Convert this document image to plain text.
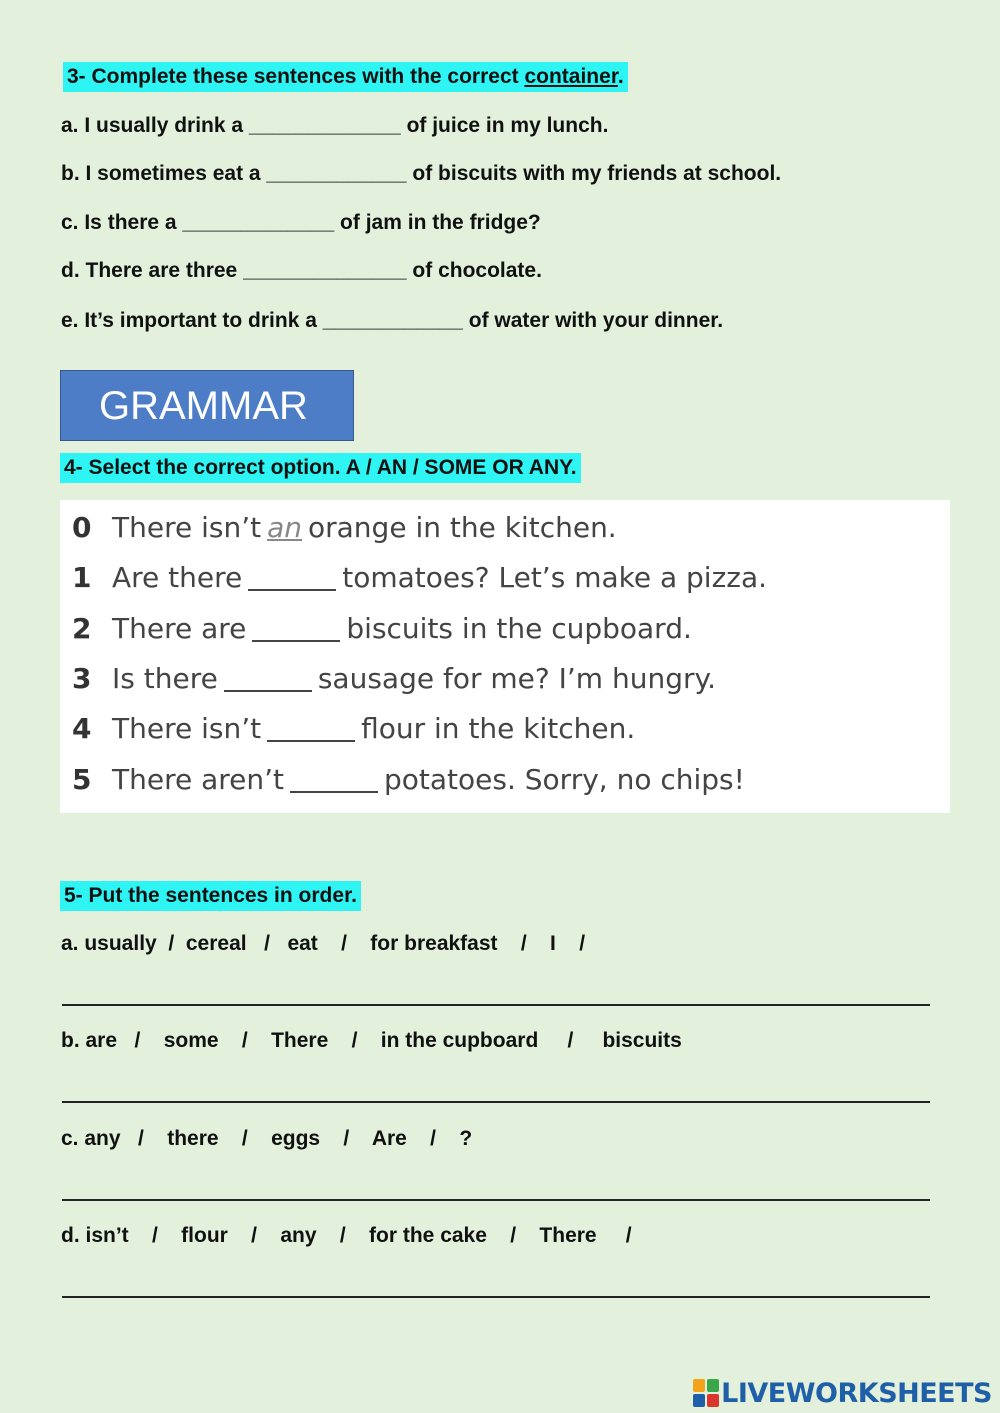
3- Complete these sentences with the correct container.
a. I usually drink a _____________ of juice in my lunch.
b. I sometimes eat a ____________ of biscuits with my friends at school.
c. Is there a _____________ of jam in the fridge?
d. There are three ______________ of chocolate.
e. It’s important to drink a ____________ of water with your dinner.
GRAMMAR
4- Select the correct option. A / AN / SOME OR ANY.
0 There isn’t an orange in the kitchen.
1 Are there	tomatoes? Let’s make a pizza.
2 There are	biscuits in the cupboard.
3 Is there	sausage for me? I’m hungry.
4 There isn’t	flour in the kitchen.
5 There aren’t	potatoes. Sorry, no chips!
5- Put the sentences in order.
a. usually  /  cereal   /   eat    /    for breakfast    /    I    /
b. are   /    some    /    There    /    in the cupboard     /     biscuits
c. any   /    there    /    eggs    /    Are    /    ?
d. isn’t    /    flour    /    any    /    for the cake    /    There     /
LIVEWORKSHEETS
